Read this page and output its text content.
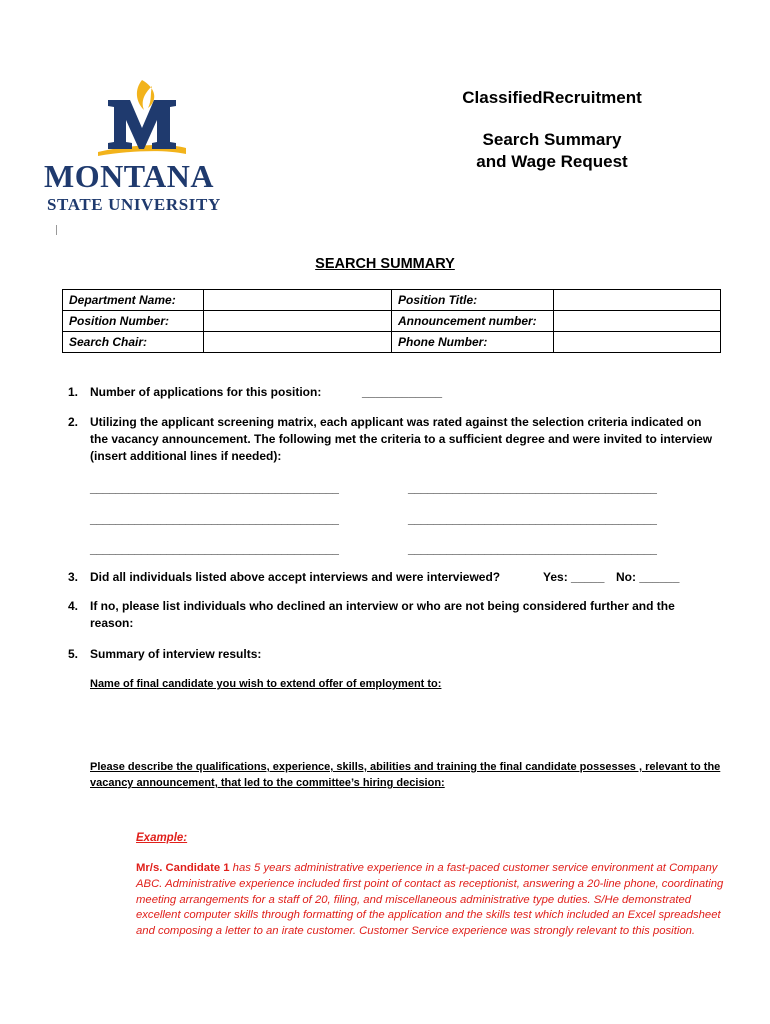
MONTANA
STATE UNIVERSITY
ClassifiedRecruitment
Search Summary
and Wage Request
SEARCH SUMMARY
Department Name:		Position Title:	
Position Number:		Announcement number:	
Search Chair:		Phone Number:	
1. Number of applications for this position:	____________
2. Utilizing the applicant screening matrix, each applicant was rated against the selection criteria indicated on the vacancy announcement. The following met the criteria to a sufficient degree and were invited to interview (insert additional lines if needed):
_______________________________________	_______________________________________
_______________________________________	_______________________________________
_______________________________________	_______________________________________
3. Did all individuals listed above accept interviews and were interviewed?	Yes: _____ No: ______
4. If no, please list individuals who declined an interview or who are not being considered further and the reason:
5. Summary of interview results:
Name of final candidate you wish to extend offer of employment to:
Please describe the qualifications, experience, skills, abilities and training the final candidate possesses , relevant to the vacancy announcement, that led to the committee’s hiring decision:
Example:
Mr/s. Candidate 1 has 5 years administrative experience in a fast-paced customer service environment at Company ABC. Administrative experience included first point of contact as receptionist, answering a 20-line phone, coordinating meeting arrangements for a staff of 20, filing, and miscellaneous administrative type duties. S/He demonstrated excellent computer skills through formatting of the application and the skills test which included an Excel spreadsheet and composing a letter to an irate customer. Customer Service experience was strongly relevant to this position.
